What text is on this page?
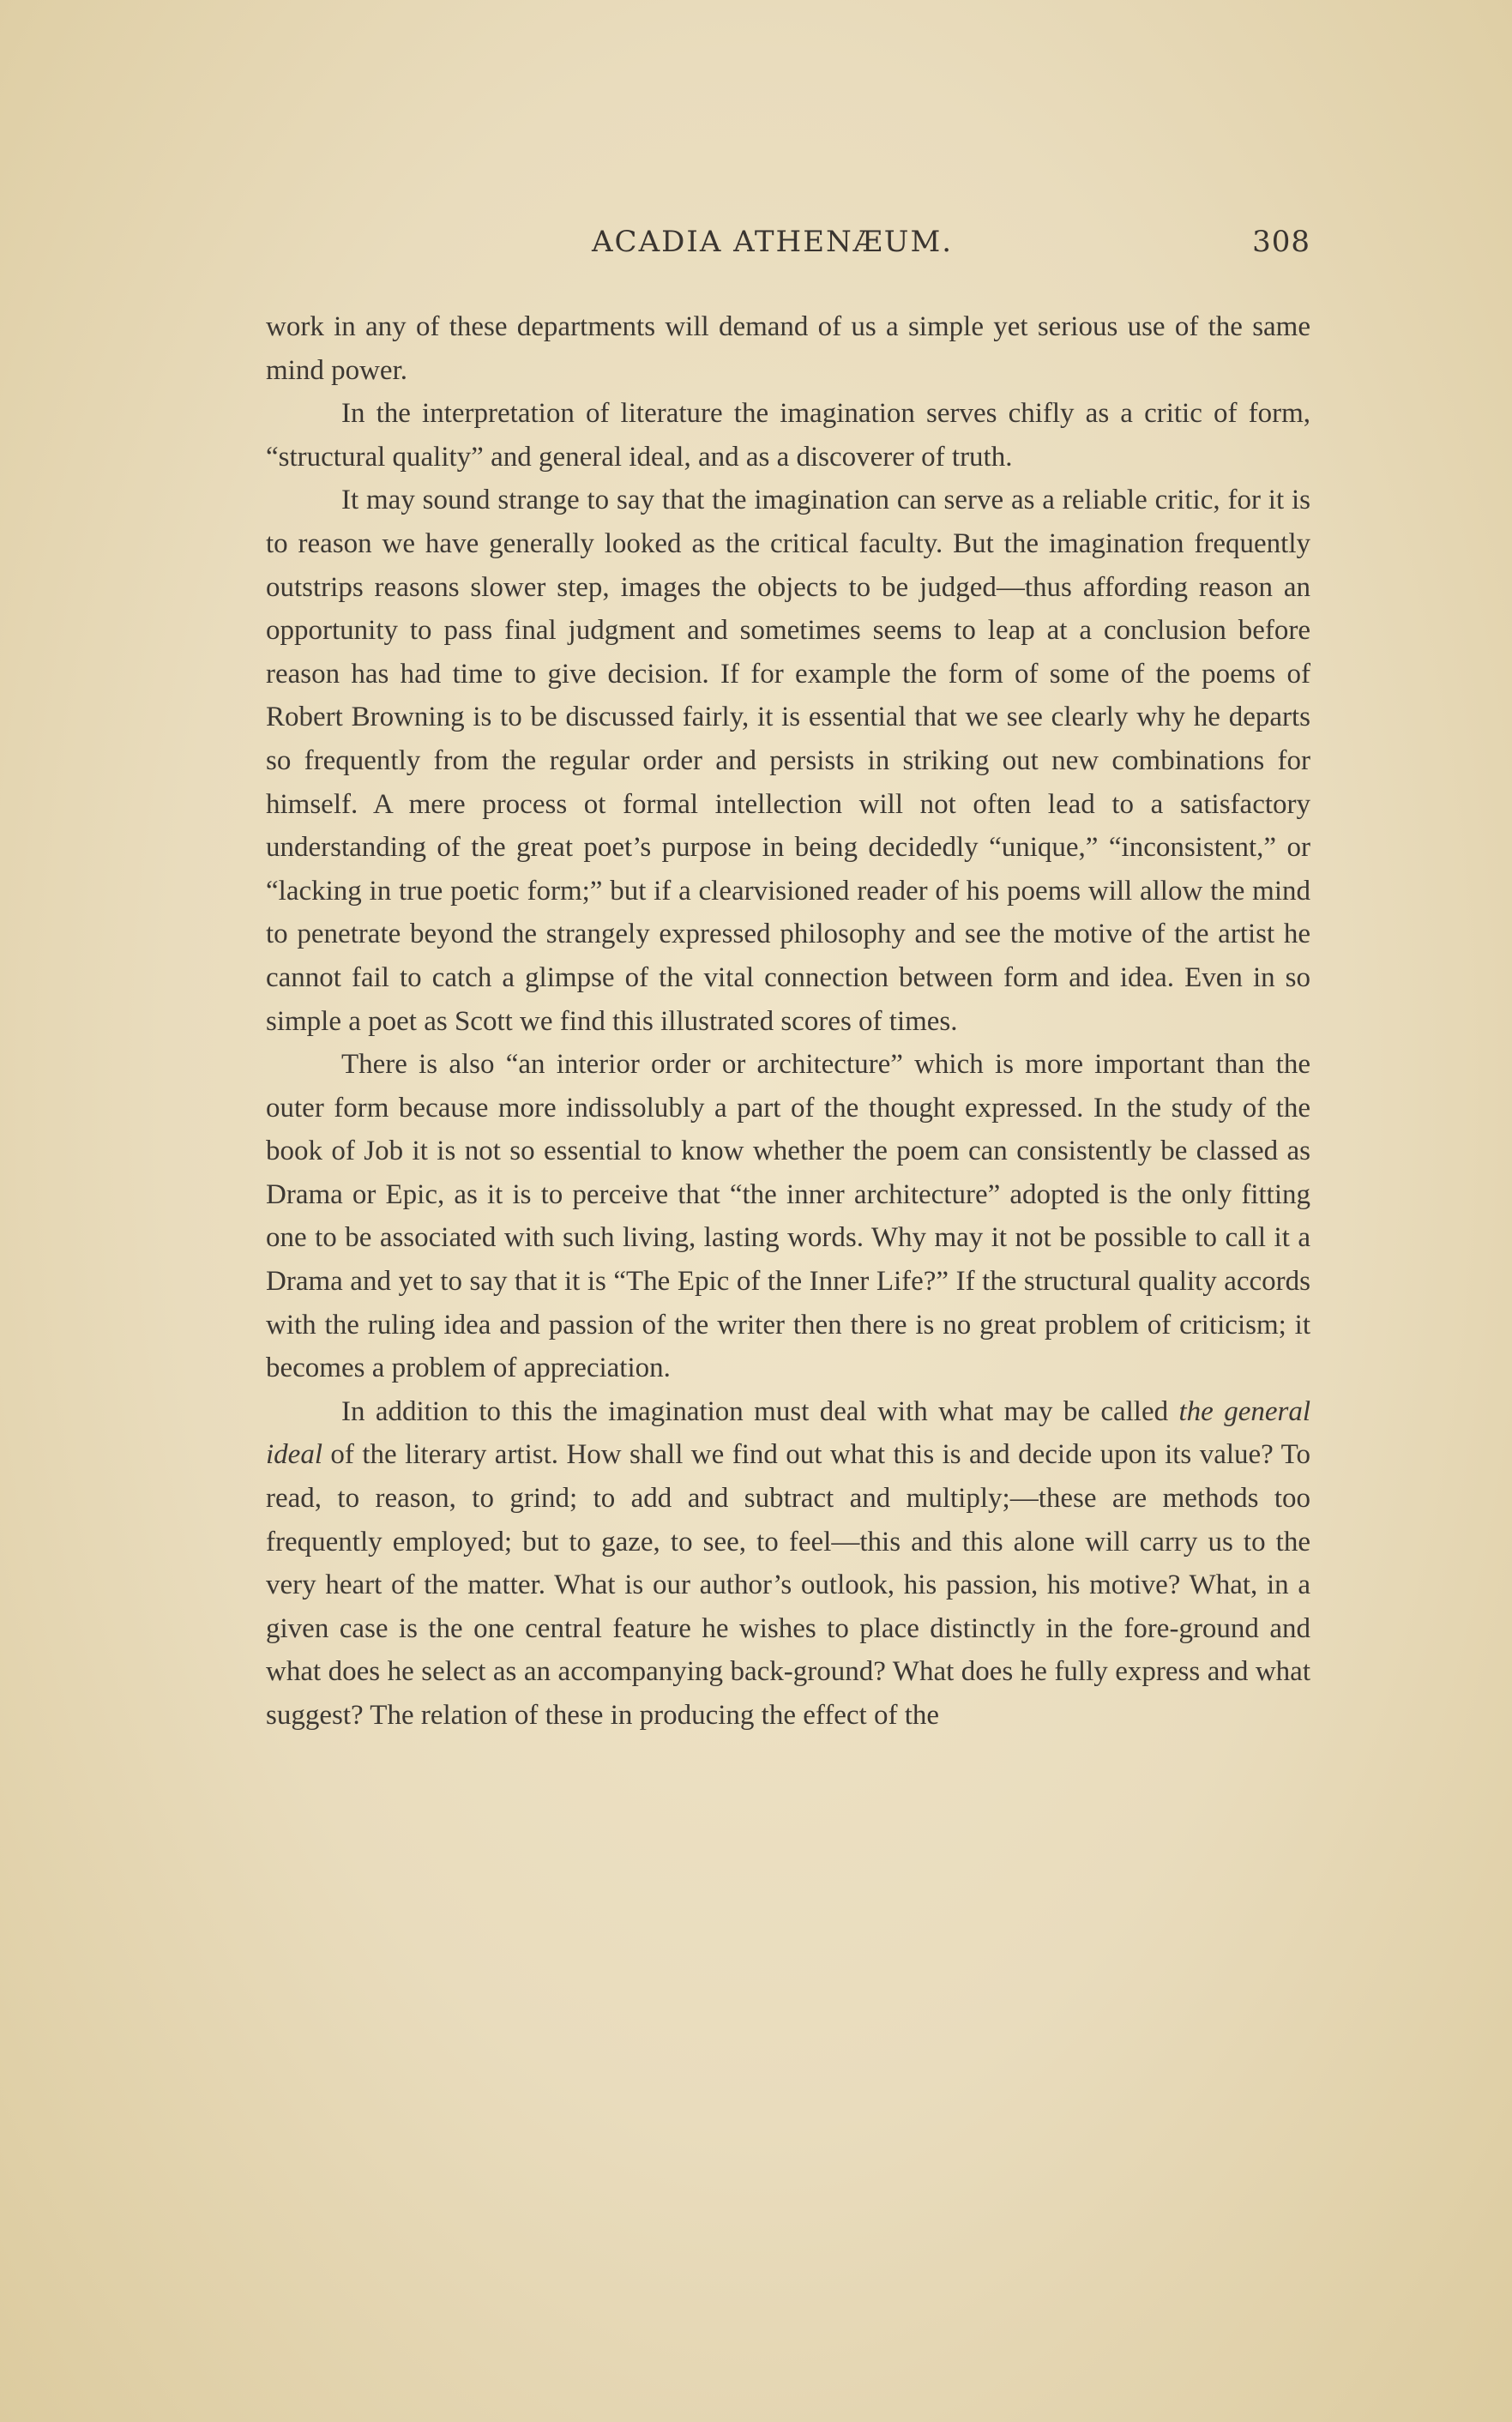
ACADIA ATHENÆUM.	308

work in any of these departments will demand of us a simple yet serious use of the same mind power.

In the interpretation of literature the imagination serves chifly as a critic of form, “structural quality” and general ideal, and as a discoverer of truth.

It may sound strange to say that the imagination can serve as a reliable critic, for it is to reason we have generally looked as the critical faculty. But the imagination frequently outstrips reasons slower step, images the objects to be judged—thus affording reason an opportunity to pass final judgment and sometimes seems to leap at a conclusion before reason has had time to give decision. If for example the form of some of the poems of Robert Browning is to be discussed fairly, it is essential that we see clearly why he departs so frequently from the regular order and persists in striking out new combinations for himself. A mere process ot formal intellection will not often lead to a satisfactory understanding of the great poet’s purpose in being decidedly “unique,” “inconsistent,” or “lacking in true poetic form;” but if a clearvisioned reader of his poems will allow the mind to penetrate beyond the strangely expressed philosophy and see the motive of the artist he cannot fail to catch a glimpse of the vital connection between form and idea. Even in so simple a poet as Scott we find this illustrated scores of times.

There is also “an interior order or architecture” which is more important than the outer form because more indissolubly a part of the thought expressed. In the study of the book of Job it is not so essential to know whether the poem can consistently be classed as Drama or Epic, as it is to perceive that “the inner architecture” adopted is the only fitting one to be associated with such living, lasting words. Why may it not be possible to call it a Drama and yet to say that it is “The Epic of the Inner Life?” If the structural quality accords with the ruling idea and passion of the writer then there is no great problem of criticism; it becomes a problem of appreciation.

In addition to this the imagination must deal with what may be called the general ideal of the literary artist. How shall we find out what this is and decide upon its value? To read, to reason, to grind; to add and subtract and multiply;—these are methods too frequently employed; but to gaze, to see, to feel—this and this alone will carry us to the very heart of the matter. What is our author’s outlook, his passion, his motive? What, in a given case is the one central feature he wishes to place distinctly in the fore-ground and what does he select as an accompanying back-ground? What does he fully express and what suggest? The relation of these in producing the effect of the
